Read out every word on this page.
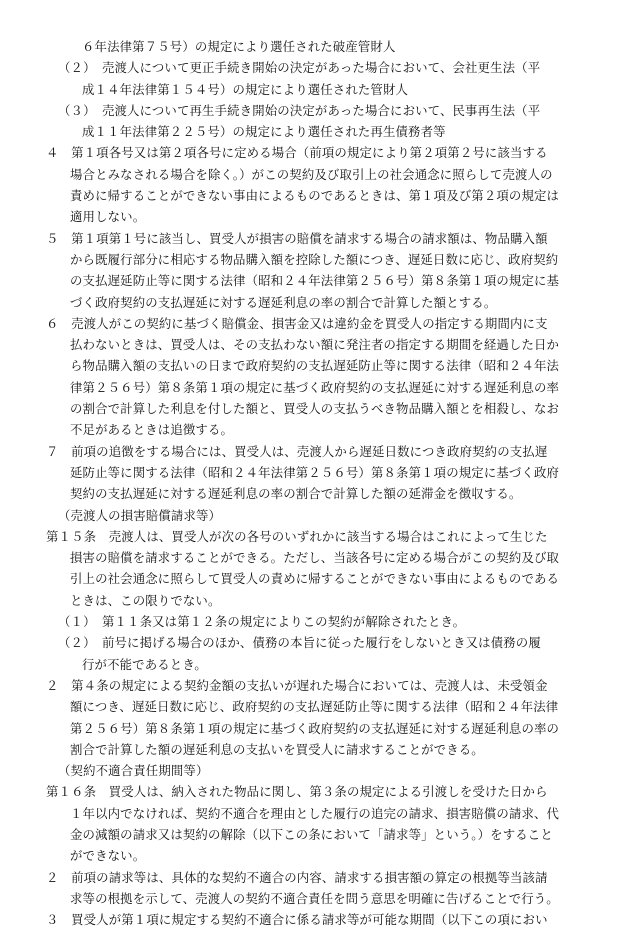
６年法律第７５号）の規定により選任された破産管財人
（２）　売渡人について更正手続き開始の決定があった場合において、会社更生法（平
成１４年法律第１５４号）の規定により選任された管財人
（３）　売渡人について再生手続き開始の決定があった場合において、民事再生法（平
成１１年法律第２２５号）の規定により選任された再生債務者等
４　第１項各号又は第２項各号に定める場合（前項の規定により第２項第２号に該当する
場合とみなされる場合を除く。）がこの契約及び取引上の社会通念に照らして売渡人の
責めに帰することができない事由によるものであるときは、第１項及び第２項の規定は
適用しない。
５　第１項第１号に該当し、買受人が損害の賠償を請求する場合の請求額は、物品購入額
から既履行部分に相応する物品購入額を控除した額につき、遅延日数に応じ、政府契約
の支払遅延防止等に関する法律（昭和２４年法律第２５６号）第８条第１項の規定に基
づく政府契約の支払遅延に対する遅延利息の率の割合で計算した額とする。
６　売渡人がこの契約に基づく賠償金、損害金又は違約金を買受人の指定する期間内に支
払わないときは、買受人は、その支払わない額に発注者の指定する期間を経過した日か
ら物品購入額の支払いの日まで政府契約の支払遅延防止等に関する法律（昭和２４年法
律第２５６号）第８条第１項の規定に基づく政府契約の支払遅延に対する遅延利息の率
の割合で計算した利息を付した額と、買受人の支払うべき物品購入額とを相殺し、なお
不足があるときは追徴する。
７　前項の追徴をする場合には、買受人は、売渡人から遅延日数につき政府契約の支払遅
延防止等に関する法律（昭和２４年法律第２５６号）第８条第１項の規定に基づく政府
契約の支払遅延に対する遅延利息の率の割合で計算した額の延滞金を徴収する。
（売渡人の損害賠償請求等）
第１５条　売渡人は、買受人が次の各号のいずれかに該当する場合はこれによって生じた
損害の賠償を請求することができる。ただし、当該各号に定める場合がこの契約及び取
引上の社会通念に照らして買受人の責めに帰することができない事由によるものである
ときは、この限りでない。
（１）　第１１条又は第１２条の規定によりこの契約が解除されたとき。
（２）　前号に掲げる場合のほか、債務の本旨に従った履行をしないとき又は債務の履
行が不能であるとき。
２　第４条の規定による契約金額の支払いが遅れた場合においては、売渡人は、未受領金
額につき、遅延日数に応じ、政府契約の支払遅延防止等に関する法律（昭和２４年法律
第２５６号）第８条第１項の規定に基づく政府契約の支払遅延に対する遅延利息の率の
割合で計算した額の遅延利息の支払いを買受人に請求することができる。
（契約不適合責任期間等）
第１６条　買受人は、納入された物品に関し、第３条の規定による引渡しを受けた日から
１年以内でなければ、契約不適合を理由とした履行の追完の請求、損害賠償の請求、代
金の減額の請求又は契約の解除（以下この条において「請求等」という。）をすること
ができない。
２　前項の請求等は、具体的な契約不適合の内容、請求する損害額の算定の根拠等当該請
求等の根拠を示して、売渡人の契約不適合責任を問う意思を明確に告げることで行う。
３　買受人が第１項に規定する契約不適合に係る請求等が可能な期間（以下この項におい
